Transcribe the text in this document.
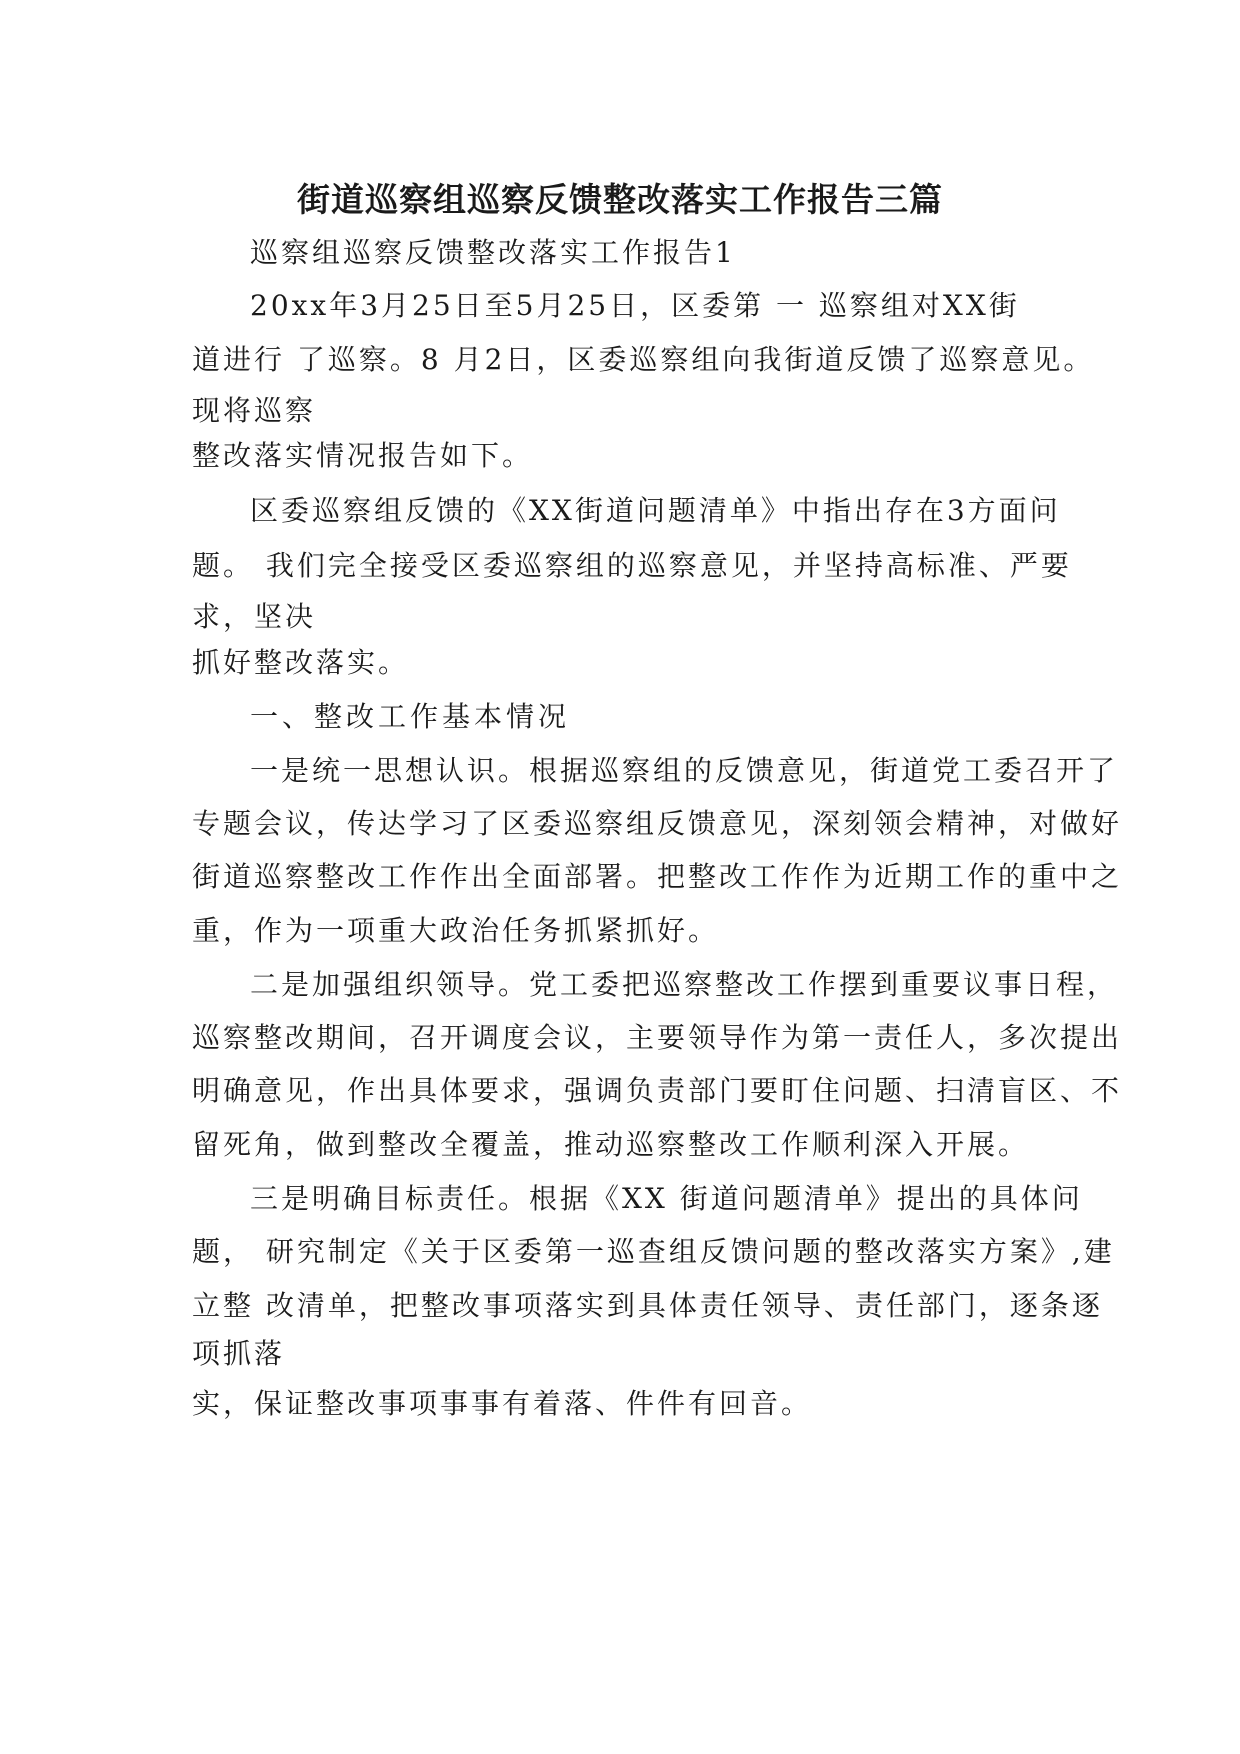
街道巡察组巡察反馈整改落实工作报告三篇
巡察组巡察反馈整改落实工作报告1
20xx年3月25日至5月25日，区委第 一 巡察组对XX街
道进行 了巡察。8 月2日，区委巡察组向我街道反馈了巡察意见。
现将巡察
整改落实情况报告如下。
区委巡察组反馈的《XX街道问题清单》中指出存在3方面问
题。 我们完全接受区委巡察组的巡察意见，并坚持高标准、严要
求，坚决
抓好整改落实。
一、整改工作基本情况
一是统一思想认识。根据巡察组的反馈意见，街道党工委召开了
专题会议，传达学习了区委巡察组反馈意见，深刻领会精神，对做好
街道巡察整改工作作出全面部署。把整改工作作为近期工作的重中之
重，作为一项重大政治任务抓紧抓好。
二是加强组织领导。党工委把巡察整改工作摆到重要议事日程，
巡察整改期间，召开调度会议，主要领导作为第一责任人，多次提出
明确意见，作出具体要求，强调负责部门要盯住问题、扫清盲区、不
留死角，做到整改全覆盖，推动巡察整改工作顺利深入开展。
三是明确目标责任。根据《XX 街道问题清单》提出的具体问
题， 研究制定《关于区委第一巡查组反馈问题的整改落实方案》,建
立整 改清单，把整改事项落实到具体责任领导、责任部门，逐条逐
项抓落
实，保证整改事项事事有着落、件件有回音。
